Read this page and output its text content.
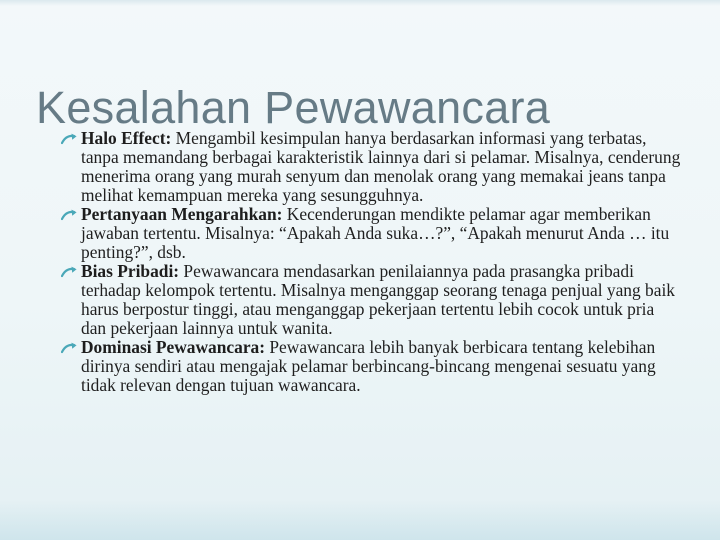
Halo Effect: Mengambil kesimpulan hanya berdasarkan informasi yang terbatas, tanpa memandang berbagai karakteristik lainnya dari si pelamar. Misalnya, cenderung menerima orang yang murah senyum dan menolak orang yang memakai jeans tanpa melihat kemampuan mereka yang sesungguhnya.

Pertanyaan Mengarahkan: Kecenderungan mendikte pelamar agar memberikan jawaban tertentu. Misalnya: “Apakah Anda suka…?”, “Apakah menurut Anda … itu penting?”, dsb.

Bias Pribadi: Pewawancara mendasarkan penilaiannya pada prasangka pribadi terhadap kelompok tertentu. Misalnya menganggap seorang tenaga penjual yang baik harus berpostur tinggi, atau menganggap pekerjaan tertentu lebih cocok untuk pria dan pekerjaan lainnya untuk wanita.

Dominasi Pewawancara: Pewawancara lebih banyak berbicara tentang kelebihan dirinya sendiri atau mengajak pelamar berbincang-bincang mengenai sesuatu yang tidak relevan dengan tujuan wawancara.

Kesalahan Pewawancara
